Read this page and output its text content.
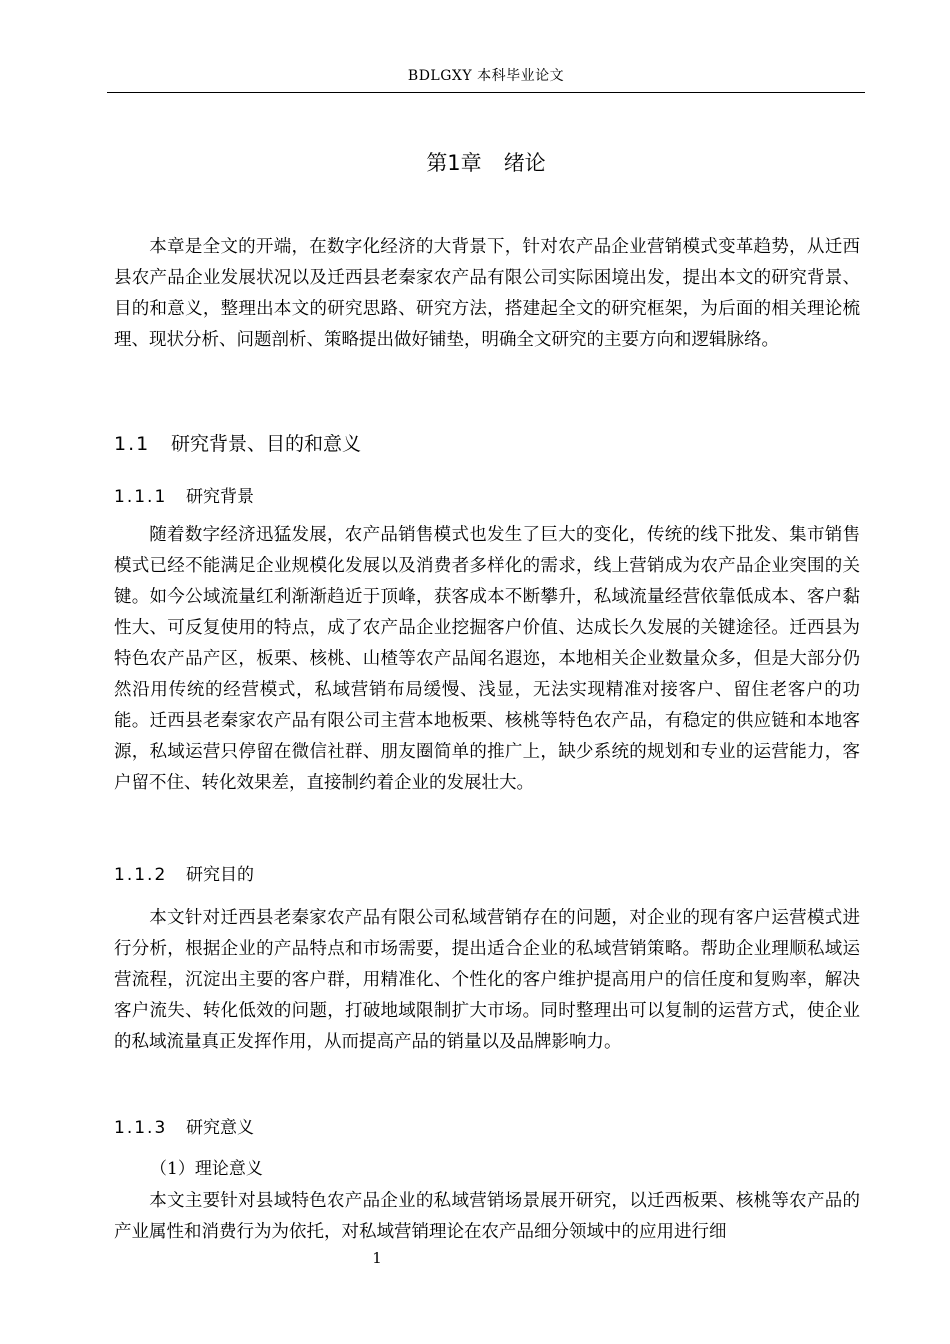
BDLGXY 本科毕业论文
第1章 绪论

本章是全文的开端，在数字化经济的大背景下，针对农产品企业营销模式变革趋势，从迁西县农产品企业发展状况以及迁西县老秦家农产品有限公司实际困境出发，提出本文的研究背景、目的和意义，整理出本文的研究思路、研究方法，搭建起全文的研究框架，为后面的相关理论梳理、现状分析、问题剖析、策略提出做好铺垫，明确全文研究的主要方向和逻辑脉络。

1.1 研究背景、目的和意义
1.1.1 研究背景

随着数字经济迅猛发展，农产品销售模式也发生了巨大的变化，传统的线下批发、集市销售模式已经不能满足企业规模化发展以及消费者多样化的需求，线上营销成为农产品企业突围的关键。如今公域流量红利渐渐趋近于顶峰，获客成本不断攀升，私域流量经营依靠低成本、客户黏性大、可反复使用的特点，成了农产品企业挖掘客户价值、达成长久发展的关键途径。迁西县为特色农产品产区，板栗、核桃、山楂等农产品闻名遐迩，本地相关企业数量众多，但是大部分仍然沿用传统的经营模式，私域营销布局缓慢、浅显，无法实现精准对接客户、留住老客户的功能。迁西县老秦家农产品有限公司主营本地板栗、核桃等特色农产品，有稳定的供应链和本地客源，私域运营只停留在微信社群、朋友圈简单的推广上，缺少系统的规划和专业的运营能力，客户留不住、转化效果差，直接制约着企业的发展壮大。

1.1.2 研究目的

本文针对迁西县老秦家农产品有限公司私域营销存在的问题，对企业的现有客户运营模式进行分析，根据企业的产品特点和市场需要，提出适合企业的私域营销策略。帮助企业理顺私域运营流程，沉淀出主要的客户群，用精准化、个性化的客户维护提高用户的信任度和复购率，解决客户流失、转化低效的问题，打破地域限制扩大市场。同时整理出可以复制的运营方式，使企业的私域流量真正发挥作用，从而提高产品的销量以及品牌影响力。

1.1.3 研究意义
（1）理论意义

本文主要针对县域特色农产品企业的私域营销场景展开研究，以迁西板栗、核桃等农产品的产业属性和消费行为为依托，对私域营销理论在农产品细分领域中的应用进行细

1
